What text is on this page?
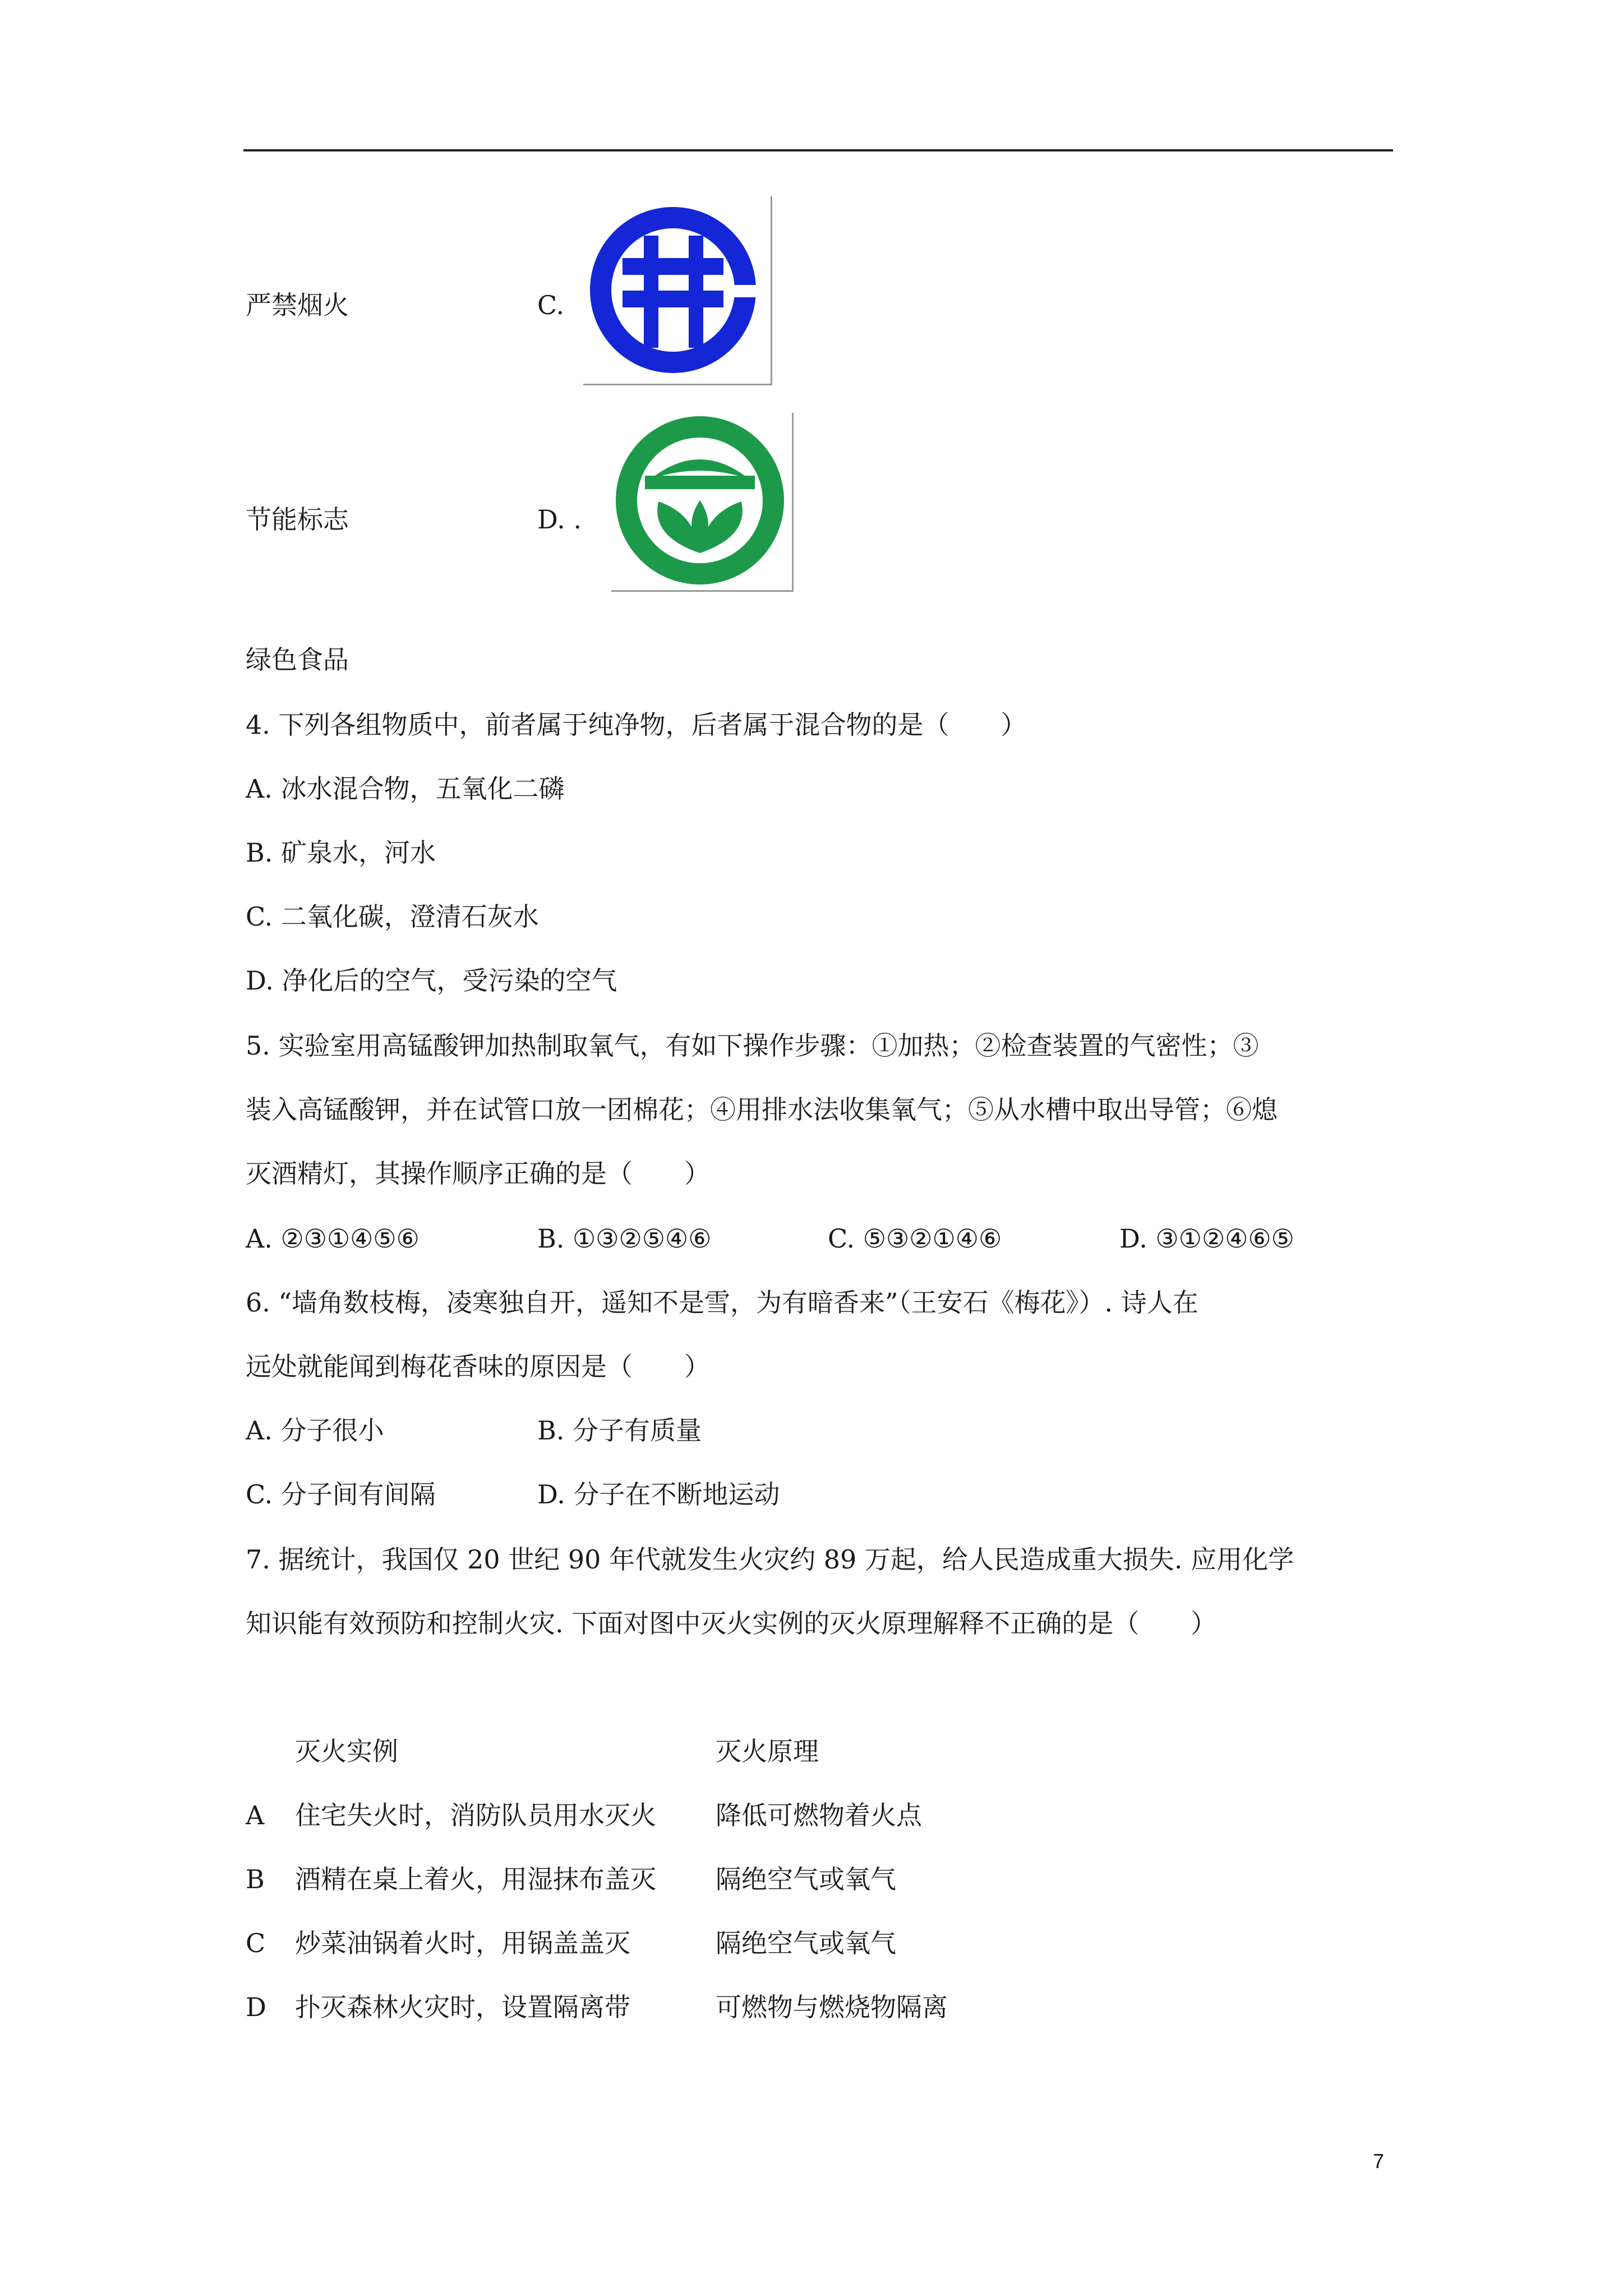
严禁烟火	C.
节能标志	D. .
绿色食品
4. 下列各组物质中，前者属于纯净物，后者属于混合物的是（　　）
A. 冰水混合物，五氧化二磷
B. 矿泉水，河水
C. 二氧化碳，澄清石灰水
D. 净化后的空气，受污染的空气
5. 实验室用高锰酸钾加热制取氧气，有如下操作步骤：①加热；②检查装置的气密性；③
装入高锰酸钾，并在试管口放一团棉花；④用排水法收集氧气；⑤从水槽中取出导管；⑥熄
灭酒精灯，其操作顺序正确的是（　　）
A. ②③①④⑤⑥	B. ①③②⑤④⑥	C. ⑤③②①④⑥	D. ③①②④⑥⑤
6. “墙角数枝梅，凌寒独自开，遥知不是雪，为有暗香来”（王安石《梅花》）. 诗人在
远处就能闻到梅花香味的原因是（　　）
A. 分子很小	B. 分子有质量
C. 分子间有间隔	D. 分子在不断地运动
7. 据统计，我国仅 20 世纪 90 年代就发生火灾约 89 万起，给人民造成重大损失. 应用化学
知识能有效预防和控制火灾. 下面对图中灭火实例的灭火原理解释不正确的是（　　）
灭火实例	灭火原理
A 住宅失火时，消防队员用水灭火 降低可燃物着火点
B 酒精在桌上着火，用湿抹布盖灭 隔绝空气或氧气
C 炒菜油锅着火时，用锅盖盖灭	隔绝空气或氧气
D 扑灭森林火灾时，设置隔离带	可燃物与燃烧物隔离
7
